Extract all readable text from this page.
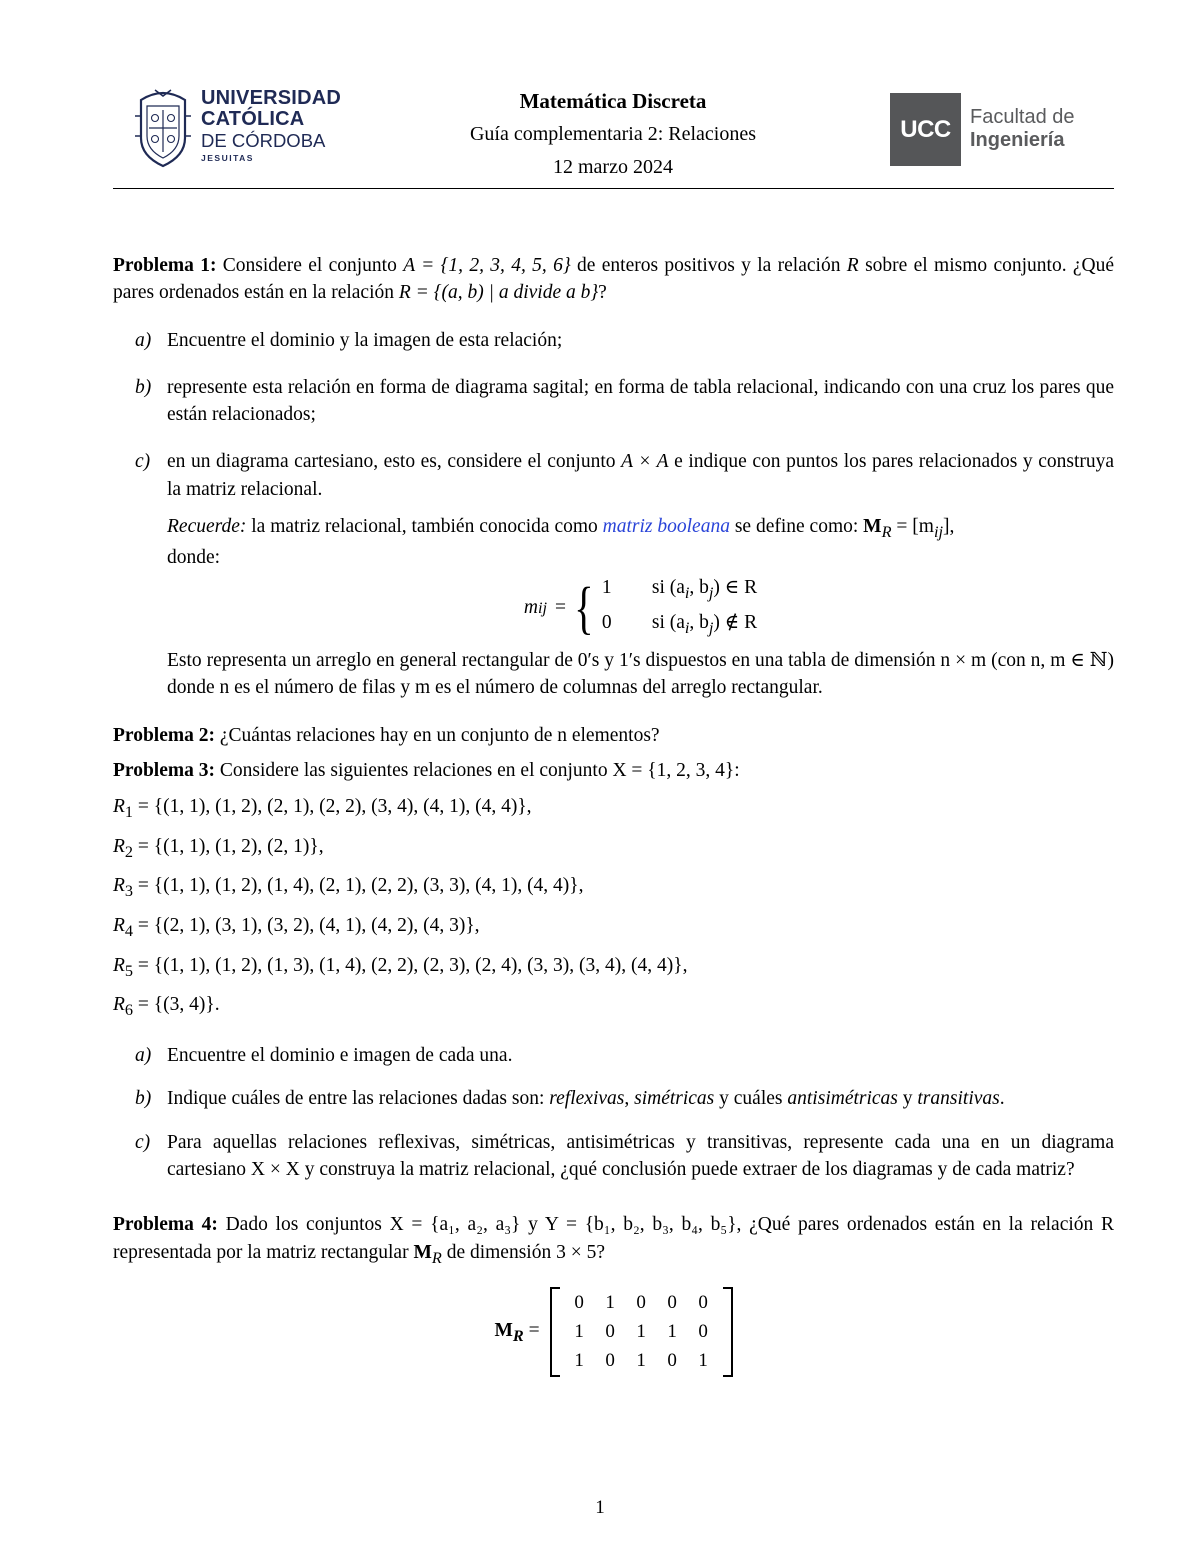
UNIVERSIDAD
CATÓLICA
DE CÓRDOBA
JESUITAS
Matemática Discreta
Guía complementaria 2: Relaciones
12 marzo 2024
UCC Facultad de
Ingeniería

Problema 1: Considere el conjunto A = {1, 2, 3, 4, 5, 6} de enteros positivos y la relación R sobre el mismo conjunto. ¿Qué pares ordenados están en la relación R = {(a, b) | a divide a b}?

a) Encuentre el dominio y la imagen de esta relación;
b) represente esta relación en forma de diagrama sagital; en forma de tabla relacional, indicando con una cruz los pares que están relacionados;
c) en un diagrama cartesiano, esto es, considere el conjunto A × A e indique con puntos los pares relacionados y construya la matriz relacional.

Recuerde: la matriz relacional, también conocida como matriz booleana se define como: $M_R = [m_{ij}]$,
donde:

m ij = { 1 si ($a_i$, $b_j$) ∈ R
0 si ($a_i$, $b_j$) ∉ R

Esto representa un arreglo en general rectangular de 0′s y 1′s dispuestos en una tabla de dimensión n × m (con n, m ∈ ℕ) donde n es el número de filas y m es el número de columnas del arreglo rectangular.

Problema 2: ¿Cuántas relaciones hay en un conjunto de n elementos?

Problema 3: Considere las siguientes relaciones en el conjunto X = {1, 2, 3, 4}:

$R_1 = \{(1$, 1), (1, 2), (2, 1), (2, 2), (3, 4), (4, 1), (4, 4)},

$R_2 = \{(1$, 1), (1, 2), (2, 1)},

$R_3 = \{(1$, 1), (1, 2), (1, 4), (2, 1), (2, 2), (3, 3), (4, 1), (4, 4)},

$R_4 = \{(2$, 1), (3, 1), (3, 2), (4, 1), (4, 2), (4, 3)},

$R_5 = \{(1$, 1), (1, 2), (1, 3), (1, 4), (2, 2), (2, 3), (2, 4), (3, 3), (3, 4), (4, 4)},

$R_6 = \{(3$, 4)}.

a) Encuentre el dominio e imagen de cada una.
b) Indique cuáles de entre las relaciones dadas son: reflexivas, simétricas y cuáles antisimétricas y transitivas.
c) Para aquellas relaciones reflexivas, simétricas, antisimétricas y transitivas, represente cada una en un diagrama cartesiano X × X y construya la matriz relacional, ¿qué conclusión puede extraer de los diagramas y de cada matriz?

Problema 4: Dado los conjuntos X = {a₁, a₂, a₃} y Y = {b₁, b₂, b₃, b₄, b₅}, ¿Qué pares ordenados están en la relación R representada por la matriz rectangular $M_R$ de dimensión 3 × 5?

$M_R$ =
0	1	0	0	0
1	0	1	1	0
1	0	1	0	1
1
